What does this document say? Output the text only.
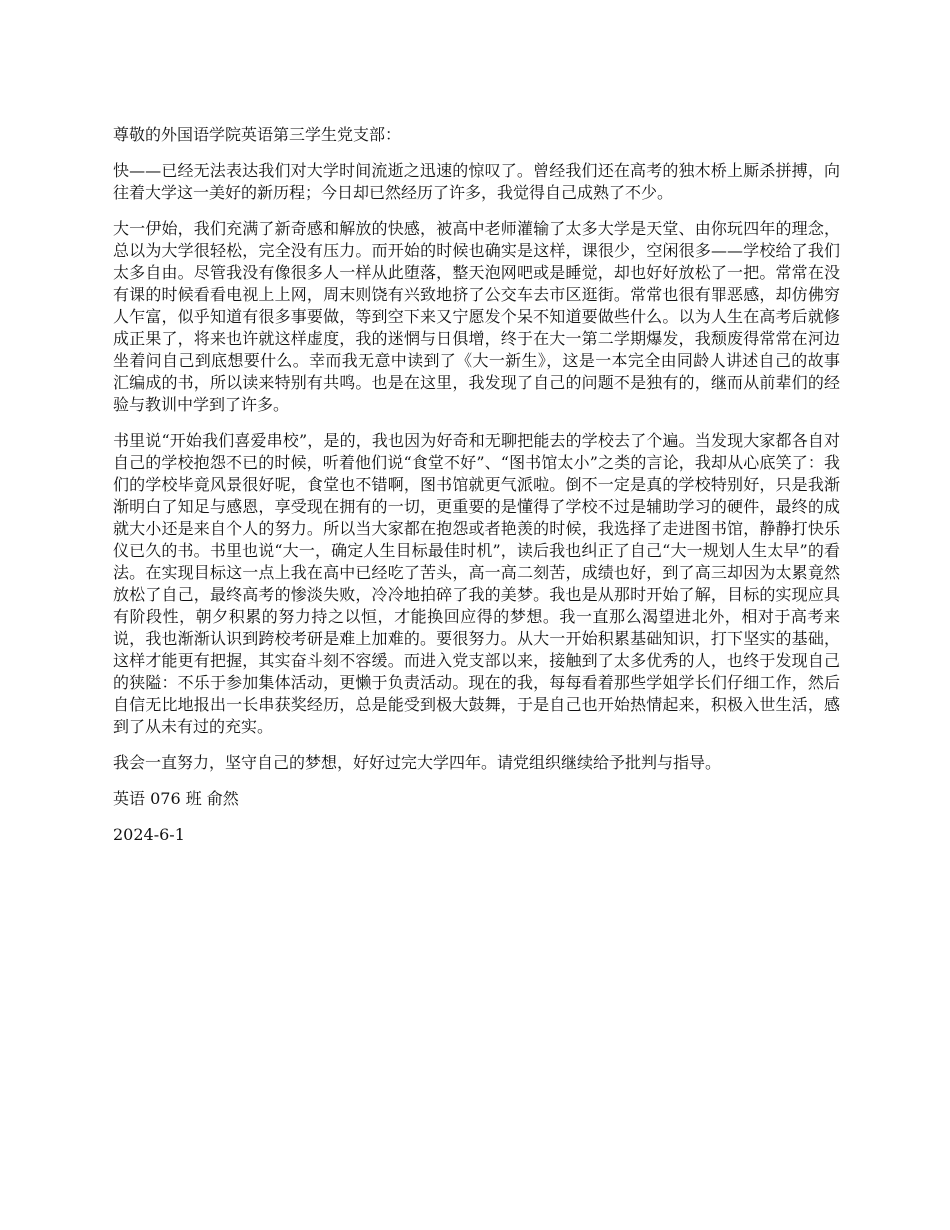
尊敬的外国语学院英语第三学生党支部：

快——已经无法表达我们对大学时间流逝之迅速的惊叹了。曾经我们还在高考的独木桥上厮杀拼搏，向往着大学这一美好的新历程；今日却已然经历了许多，我觉得自己成熟了不少。

大一伊始，我们充满了新奇感和解放的快感，被高中老师灌输了太多大学是天堂、由你玩四年的理念，总以为大学很轻松，完全没有压力。而开始的时候也确实是这样，课很少，空闲很多——学校给了我们太多自由。尽管我没有像很多人一样从此堕落，整天泡网吧或是睡觉，却也好好放松了一把。常常在没有课的时候看看电视上上网，周末则饶有兴致地挤了公交车去市区逛街。常常也很有罪恶感，却仿佛穷人乍富，似乎知道有很多事要做，等到空下来又宁愿发个呆不知道要做些什么。以为人生在高考后就修成正果了，将来也许就这样虚度，我的迷惘与日俱增，终于在大一第二学期爆发，我颓废得常常在河边坐着问自己到底想要什么。幸而我无意中读到了《大一新生》，这是一本完全由同龄人讲述自己的故事汇编成的书，所以读来特别有共鸣。也是在这里，我发现了自己的问题不是独有的，继而从前辈们的经验与教训中学到了许多。

书里说“开始我们喜爱串校”，是的，我也因为好奇和无聊把能去的学校去了个遍。当发现大家都各自对自己的学校抱怨不已的时候，听着他们说“食堂不好”、“图书馆太小”之类的言论，我却从心底笑了：我们的学校毕竟风景很好呢，食堂也不错啊，图书馆就更气派啦。倒不一定是真的学校特别好，只是我渐渐明白了知足与感恩，享受现在拥有的一切，更重要的是懂得了学校不过是辅助学习的硬件，最终的成就大小还是来自个人的努力。所以当大家都在抱怨或者艳羡的时候，我选择了走进图书馆，静静打快乐仪已久的书。书里也说“大一，确定人生目标最佳时机”，读后我也纠正了自己“大一规划人生太早”的看法。在实现目标这一点上我在高中已经吃了苦头，高一高二刻苦，成绩也好，到了高三却因为太累竟然放松了自己，最终高考的惨淡失败，冷冷地拍碎了我的美梦。我也是从那时开始了解，目标的实现应具有阶段性，朝夕积累的努力持之以恒，才能换回应得的梦想。我一直那么渴望进北外，相对于高考来说，我也渐渐认识到跨校考研是难上加难的。要很努力。从大一开始积累基础知识，打下坚实的基础，这样才能更有把握，其实奋斗刻不容缓。而进入党支部以来，接触到了太多优秀的人，也终于发现自己的狭隘：不乐于参加集体活动，更懒于负责活动。现在的我，每每看着那些学姐学长们仔细工作，然后自信无比地报出一长串获奖经历，总是能受到极大鼓舞，于是自己也开始热情起来，积极入世生活，感到了从未有过的充实。

我会一直努力，坚守自己的梦想，好好过完大学四年。请党组织继续给予批判与指导。

英语 076 班 俞然

2024-6-1
